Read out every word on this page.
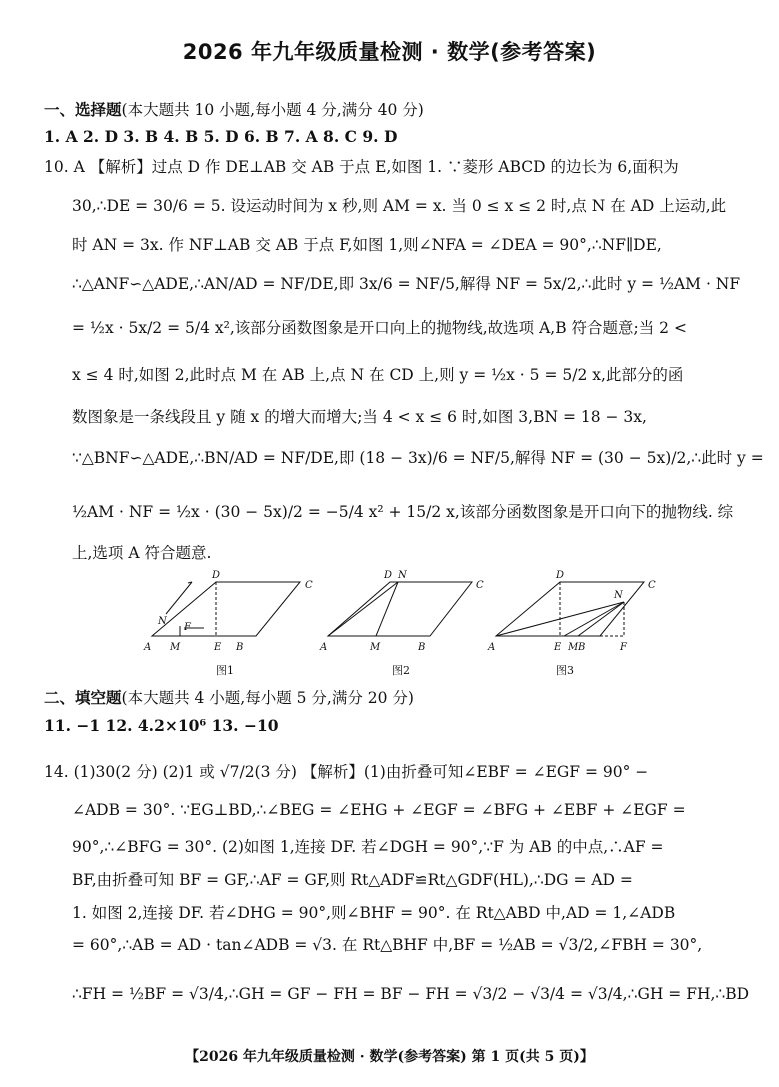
2026 年九年级质量检测 · 数学(参考答案)
一、选择题(本大题共 10 小题,每小题 4 分,满分 40 分)
1. A 2. D 3. B 4. B 5. D 6. B 7. A 8. C 9. D
10. A 【解析】过点 D 作 DE⊥AB 交 AB 于点 E,如图 1. ∵菱形 ABCD 的边长为 6,面积为
30,∴DE = 30/6 = 5. 设运动时间为 x 秒,则 AM = x. 当 0 ≤ x ≤ 2 时,点 N 在 AD 上运动,此
时 AN = 3x. 作 NF⊥AB 交 AB 于点 F,如图 1,则∠NFA = ∠DEA = 90°,∴NF∥DE,
∴△ANF∽△ADE,∴AN/AD = NF/DE,即 3x/6 = NF/5,解得 NF = 5x/2,∴此时 y = ½AM · NF
= ½x · 5x/2 = 5/4 x²,该部分函数图象是开口向上的抛物线,故选项 A,B 符合题意;当 2 <
x ≤ 4 时,如图 2,此时点 M 在 AB 上,点 N 在 CD 上,则 y = ½x · 5 = 5/2 x,此部分的函
数图象是一条线段且 y 随 x 的增大而增大;当 4 < x ≤ 6 时,如图 3,BN = 18 − 3x,
∵△BNF∽△ADE,∴BN/AD = NF/DE,即 (18 − 3x)/6 = NF/5,解得 NF = (30 − 5x)/2,∴此时 y =
½AM · NF = ½x · (30 − 5x)/2 = −5/4 x² + 15/2 x,该部分函数图象是开口向下的抛物线. 综
上,选项 A 符合题意.
A	B
C
D
E
F
M
N
图1
A	B
C
D N
M
图2
A	B
C
D
E M
N
F
图3
二、填空题(本大题共 4 小题,每小题 5 分,满分 20 分)
11. −1 12. 4.2×10⁶ 13. −10
14. (1)30(2 分) (2)1 或 √7/2(3 分) 【解析】(1)由折叠可知∠EBF = ∠EGF = 90° −
∠ADB = 30°. ∵EG⊥BD,∴∠BEG = ∠EHG + ∠EGF = ∠BFG + ∠EBF + ∠EGF =
90°,∴∠BFG = 30°. (2)如图 1,连接 DF. 若∠DGH = 90°,∵F 为 AB 的中点,∴AF =
BF,由折叠可知 BF = GF,∴AF = GF,则 Rt△ADF≌Rt△GDF(HL),∴DG = AD =
1. 如图 2,连接 DF. 若∠DHG = 90°,则∠BHF = 90°. 在 Rt△ABD 中,AD = 1,∠ADB
= 60°,∴AB = AD · tan∠ADB = √3. 在 Rt△BHF 中,BF = ½AB = √3/2,∠FBH = 30°,
∴FH = ½BF = √3/4,∴GH = GF − FH = BF − FH = √3/2 − √3/4 = √3/4,∴GH = FH,∴BD
【2026 年九年级质量检测 · 数学(参考答案) 第 1 页(共 5 页)】
